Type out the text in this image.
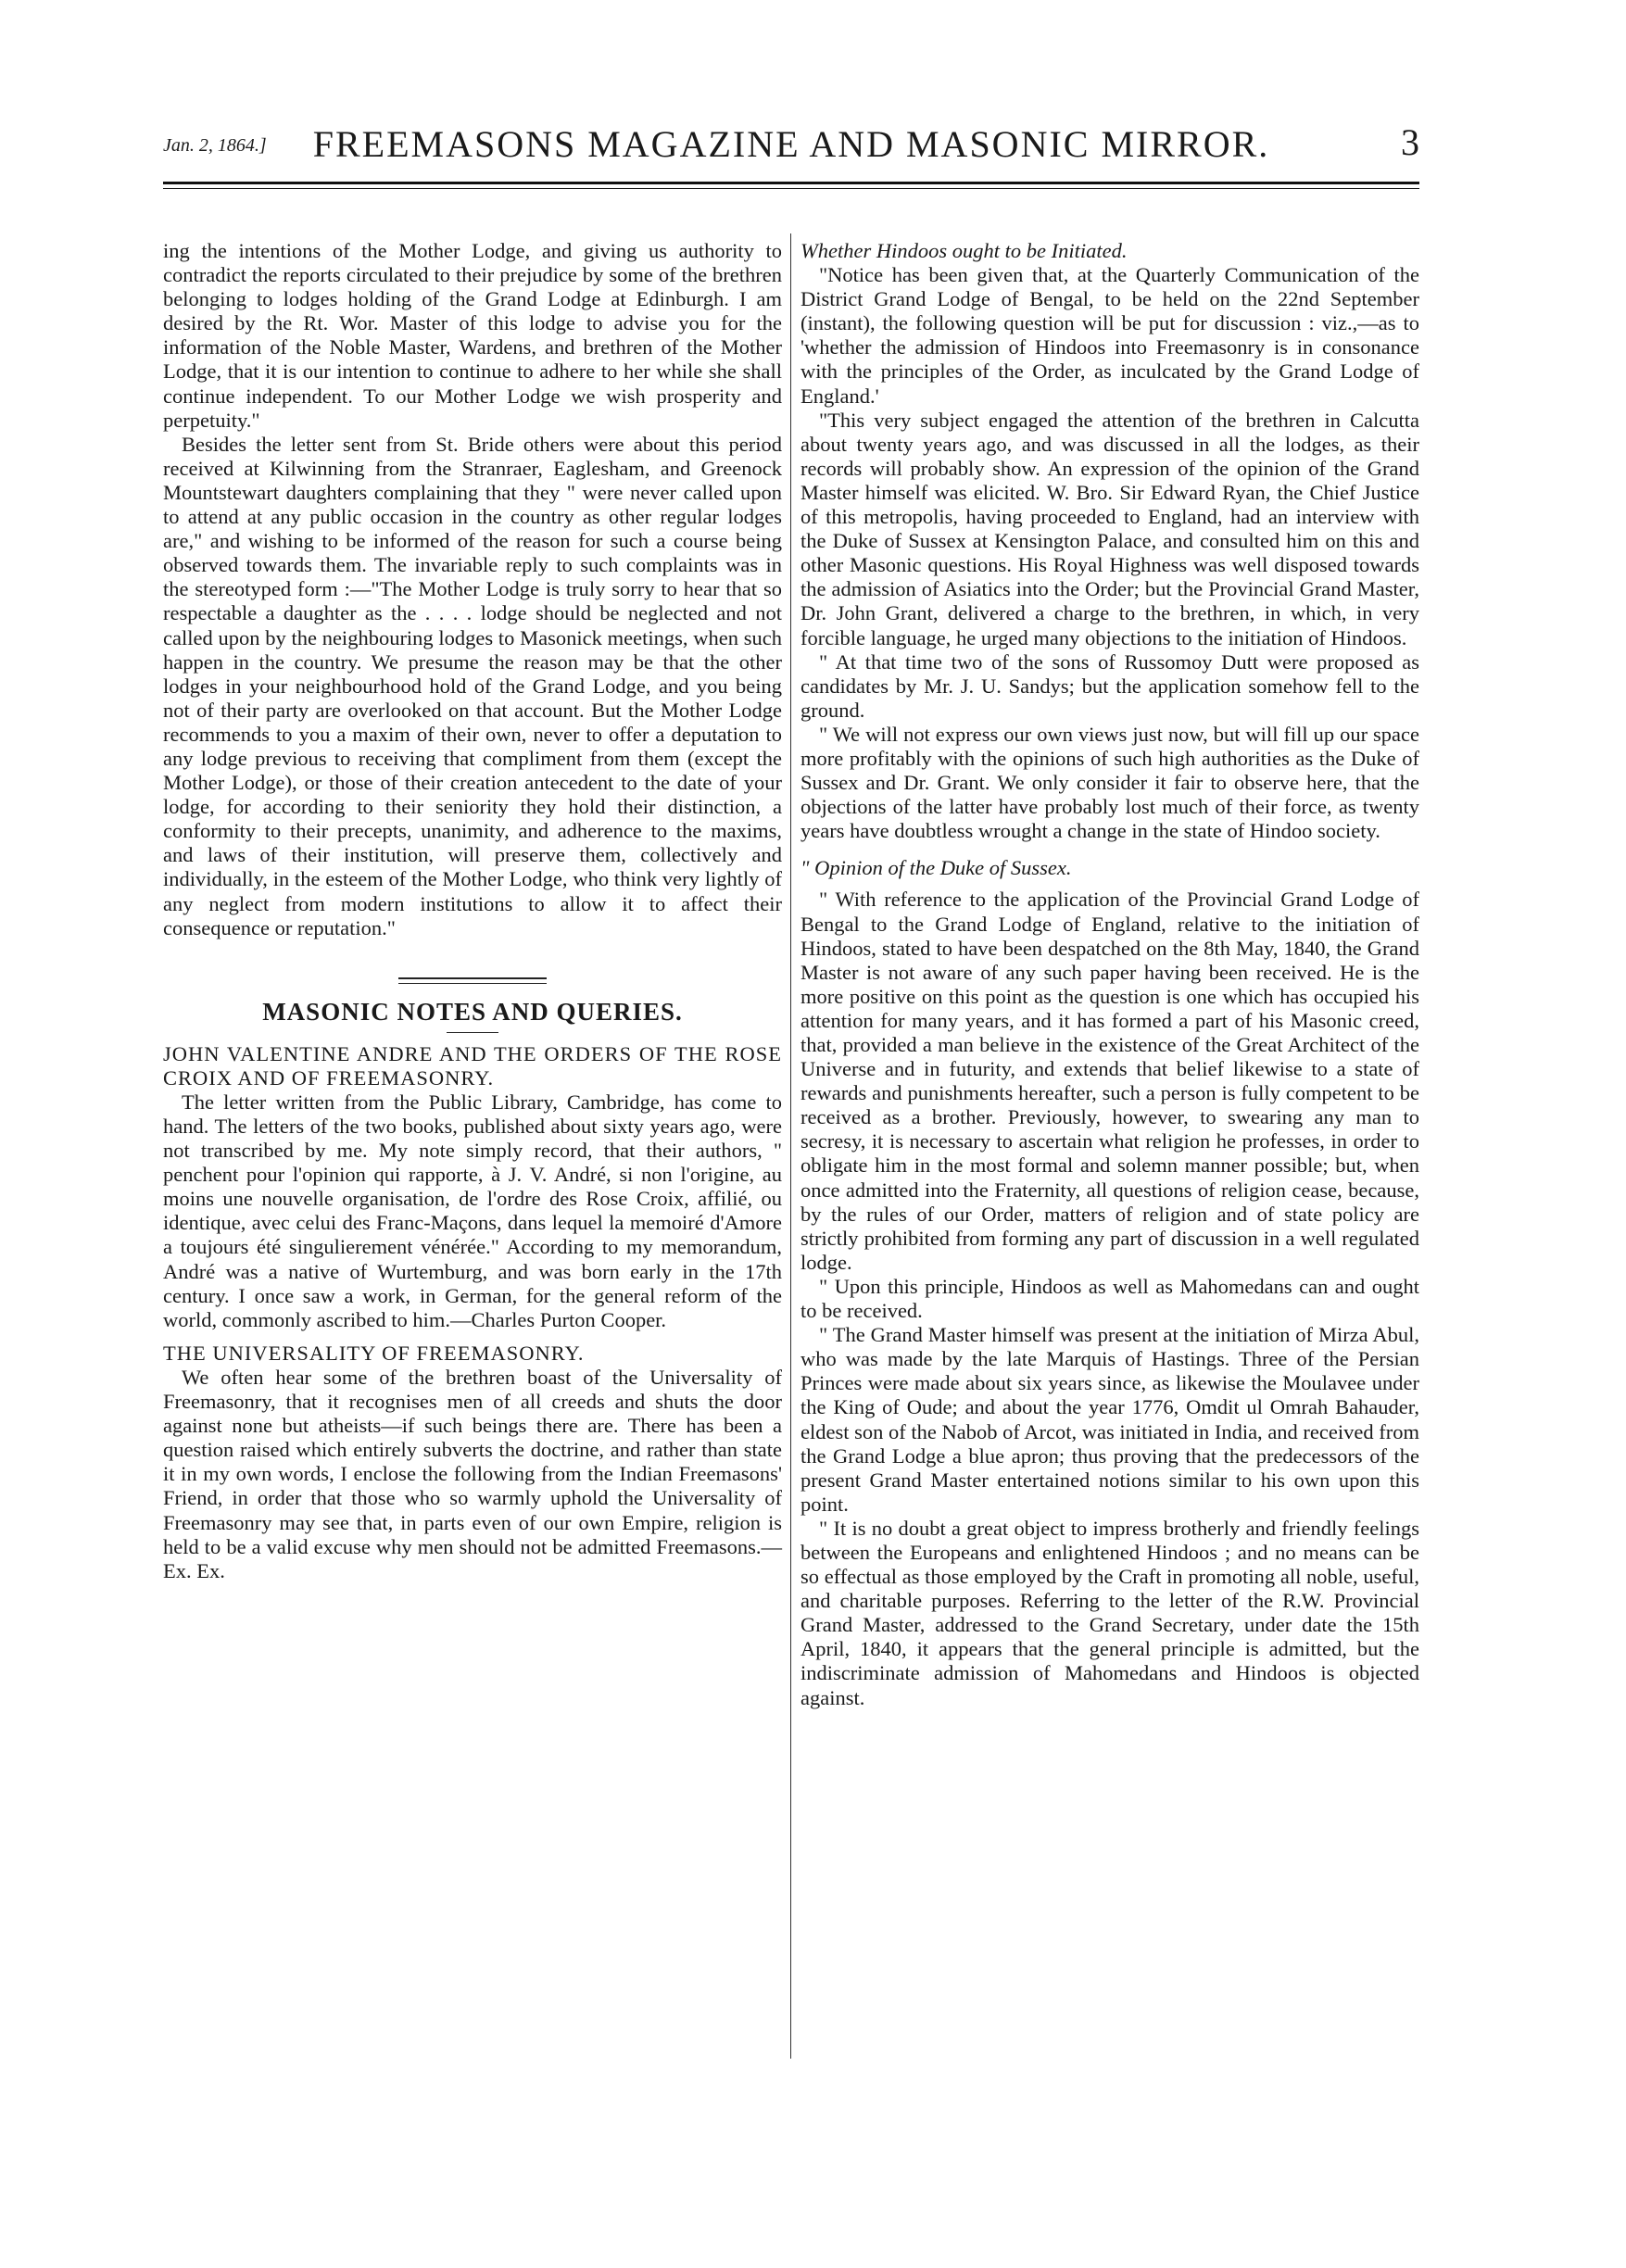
Jan. 2, 1864.]	FREEMASONS MAGAZINE AND MASONIC MIRROR.	3

ing the intentions of the Mother Lodge, and giving us authority to contradict the reports circulated to their prejudice by some of the brethren belonging to lodges holding of the Grand Lodge at Edinburgh. I am desired by the Rt. Wor. Master of this lodge to advise you for the information of the Noble Master, Wardens, and brethren of the Mother Lodge, that it is our intention to continue to adhere to her while she shall continue independent. To our Mother Lodge we wish prosperity and perpetuity."

Besides the letter sent from St. Bride others were about this period received at Kilwinning from the Stranraer, Eaglesham, and Greenock Mountstewart daughters complaining that they " were never called upon to attend at any public occasion in the country as other regular lodges are," and wishing to be informed of the reason for such a course being observed towards them. The invariable reply to such complaints was in the stereotyped form :—"The Mother Lodge is truly sorry to hear that so respectable a daughter as the . . . . lodge should be neglected and not called upon by the neighbouring lodges to Masonick meetings, when such happen in the country. We presume the reason may be that the other lodges in your neighbourhood hold of the Grand Lodge, and you being not of their party are overlooked on that account. But the Mother Lodge recommends to you a maxim of their own, never to offer a deputation to any lodge previous to receiving that compliment from them (except the Mother Lodge), or those of their creation antecedent to the date of your lodge, for according to their seniority they hold their distinction, a conformity to their precepts, unanimity, and adherence to the maxims, and laws of their institution, will preserve them, collectively and individually, in the esteem of the Mother Lodge, who think very lightly of any neglect from modern institutions to allow it to affect their consequence or reputation."

MASONIC NOTES AND QUERIES.

JOHN VALENTINE ANDRE AND THE ORDERS OF THE ROSE CROIX AND OF FREEMASONRY.

The letter written from the Public Library, Cambridge, has come to hand. The letters of the two books, published about sixty years ago, were not transcribed by me. My note simply record, that their authors, " penchent pour l'opinion qui rapporte, à J. V. André, si non l'origine, au moins une nouvelle organisation, de l'ordre des Rose Croix, affilié, ou identique, avec celui des Franc-Maçons, dans lequel la memoiré d'Amore a toujours été singulierement vénérée." According to my memorandum, André was a native of Wurtemburg, and was born early in the 17th century. I once saw a work, in German, for the general reform of the world, commonly ascribed to him.—Charles Purton Cooper.

THE UNIVERSALITY OF FREEMASONRY.

We often hear some of the brethren boast of the Universality of Freemasonry, that it recognises men of all creeds and shuts the door against none but atheists—if such beings there are. There has been a question raised which entirely subverts the doctrine, and rather than state it in my own words, I enclose the following from the Indian Freemasons' Friend, in order that those who so warmly uphold the Universality of Freemasonry may see that, in parts even of our own Empire, religion is held to be a valid excuse why men should not be admitted Freemasons.—Ex. Ex.

Whether Hindoos ought to be Initiated.

"Notice has been given that, at the Quarterly Communication of the District Grand Lodge of Bengal, to be held on the 22nd September (instant), the following question will be put for discussion : viz.,—as to 'whether the admission of Hindoos into Freemasonry is in consonance with the principles of the Order, as inculcated by the Grand Lodge of England.'

"This very subject engaged the attention of the brethren in Calcutta about twenty years ago, and was discussed in all the lodges, as their records will probably show. An expression of the opinion of the Grand Master himself was elicited. W. Bro. Sir Edward Ryan, the Chief Justice of this metropolis, having proceeded to England, had an interview with the Duke of Sussex at Kensington Palace, and consulted him on this and other Masonic questions. His Royal Highness was well disposed towards the admission of Asiatics into the Order; but the Provincial Grand Master, Dr. John Grant, delivered a charge to the brethren, in which, in very forcible language, he urged many objections to the initiation of Hindoos.

" At that time two of the sons of Russomoy Dutt were proposed as candidates by Mr. J. U. Sandys; but the application somehow fell to the ground.

" We will not express our own views just now, but will fill up our space more profitably with the opinions of such high authorities as the Duke of Sussex and Dr. Grant. We only consider it fair to observe here, that the objections of the latter have probably lost much of their force, as twenty years have doubtless wrought a change in the state of Hindoo society.

" Opinion of the Duke of Sussex.

" With reference to the application of the Provincial Grand Lodge of Bengal to the Grand Lodge of England, relative to the initiation of Hindoos, stated to have been despatched on the 8th May, 1840, the Grand Master is not aware of any such paper having been received. He is the more positive on this point as the question is one which has occupied his attention for many years, and it has formed a part of his Masonic creed, that, provided a man believe in the existence of the Great Architect of the Universe and in futurity, and extends that belief likewise to a state of rewards and punishments hereafter, such a person is fully competent to be received as a brother. Previously, however, to swearing any man to secresy, it is necessary to ascertain what religion he professes, in order to obligate him in the most formal and solemn manner possible; but, when once admitted into the Fraternity, all questions of religion cease, because, by the rules of our Order, matters of religion and of state policy are strictly prohibited from forming any part of discussion in a well regulated lodge.

" Upon this principle, Hindoos as well as Mahomedans can and ought to be received.

" The Grand Master himself was present at the initiation of Mirza Abul, who was made by the late Marquis of Hastings. Three of the Persian Princes were made about six years since, as likewise the Moulavee under the King of Oude; and about the year 1776, Omdit ul Omrah Bahauder, eldest son of the Nabob of Arcot, was initiated in India, and received from the Grand Lodge a blue apron; thus proving that the predecessors of the present Grand Master entertained notions similar to his own upon this point.

" It is no doubt a great object to impress brotherly and friendly feelings between the Europeans and enlightened Hindoos ; and no means can be so effectual as those employed by the Craft in promoting all noble, useful, and charitable purposes. Referring to the letter of the R.W. Provincial Grand Master, addressed to the Grand Secretary, under date the 15th April, 1840, it appears that the general principle is admitted, but the indiscriminate admission of Mahomedans and Hindoos is objected against.
